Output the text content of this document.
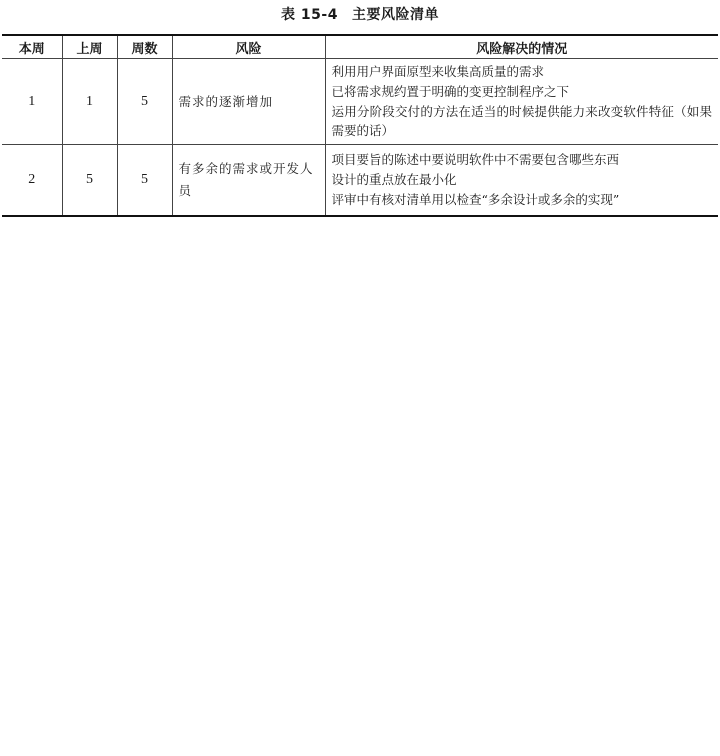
表 15-4 主要风险清单
本周	上周	周数	风险	风险解决的情况
1	1	5	需求的逐渐增加	利用用户界面原型来收集高质量的需求
已将需求规约置于明确的变更控制程序之下
运用分阶段交付的方法在适当的时候提供能力来改变软件特征（如果需要的话）

2	5	5	有多余的需求或开发人员	项目要旨的陈述中要说明软件中不需要包含哪些东西
设计的重点放在最小化
评审中有核对清单用以检查“多余设计或多余的实现”
